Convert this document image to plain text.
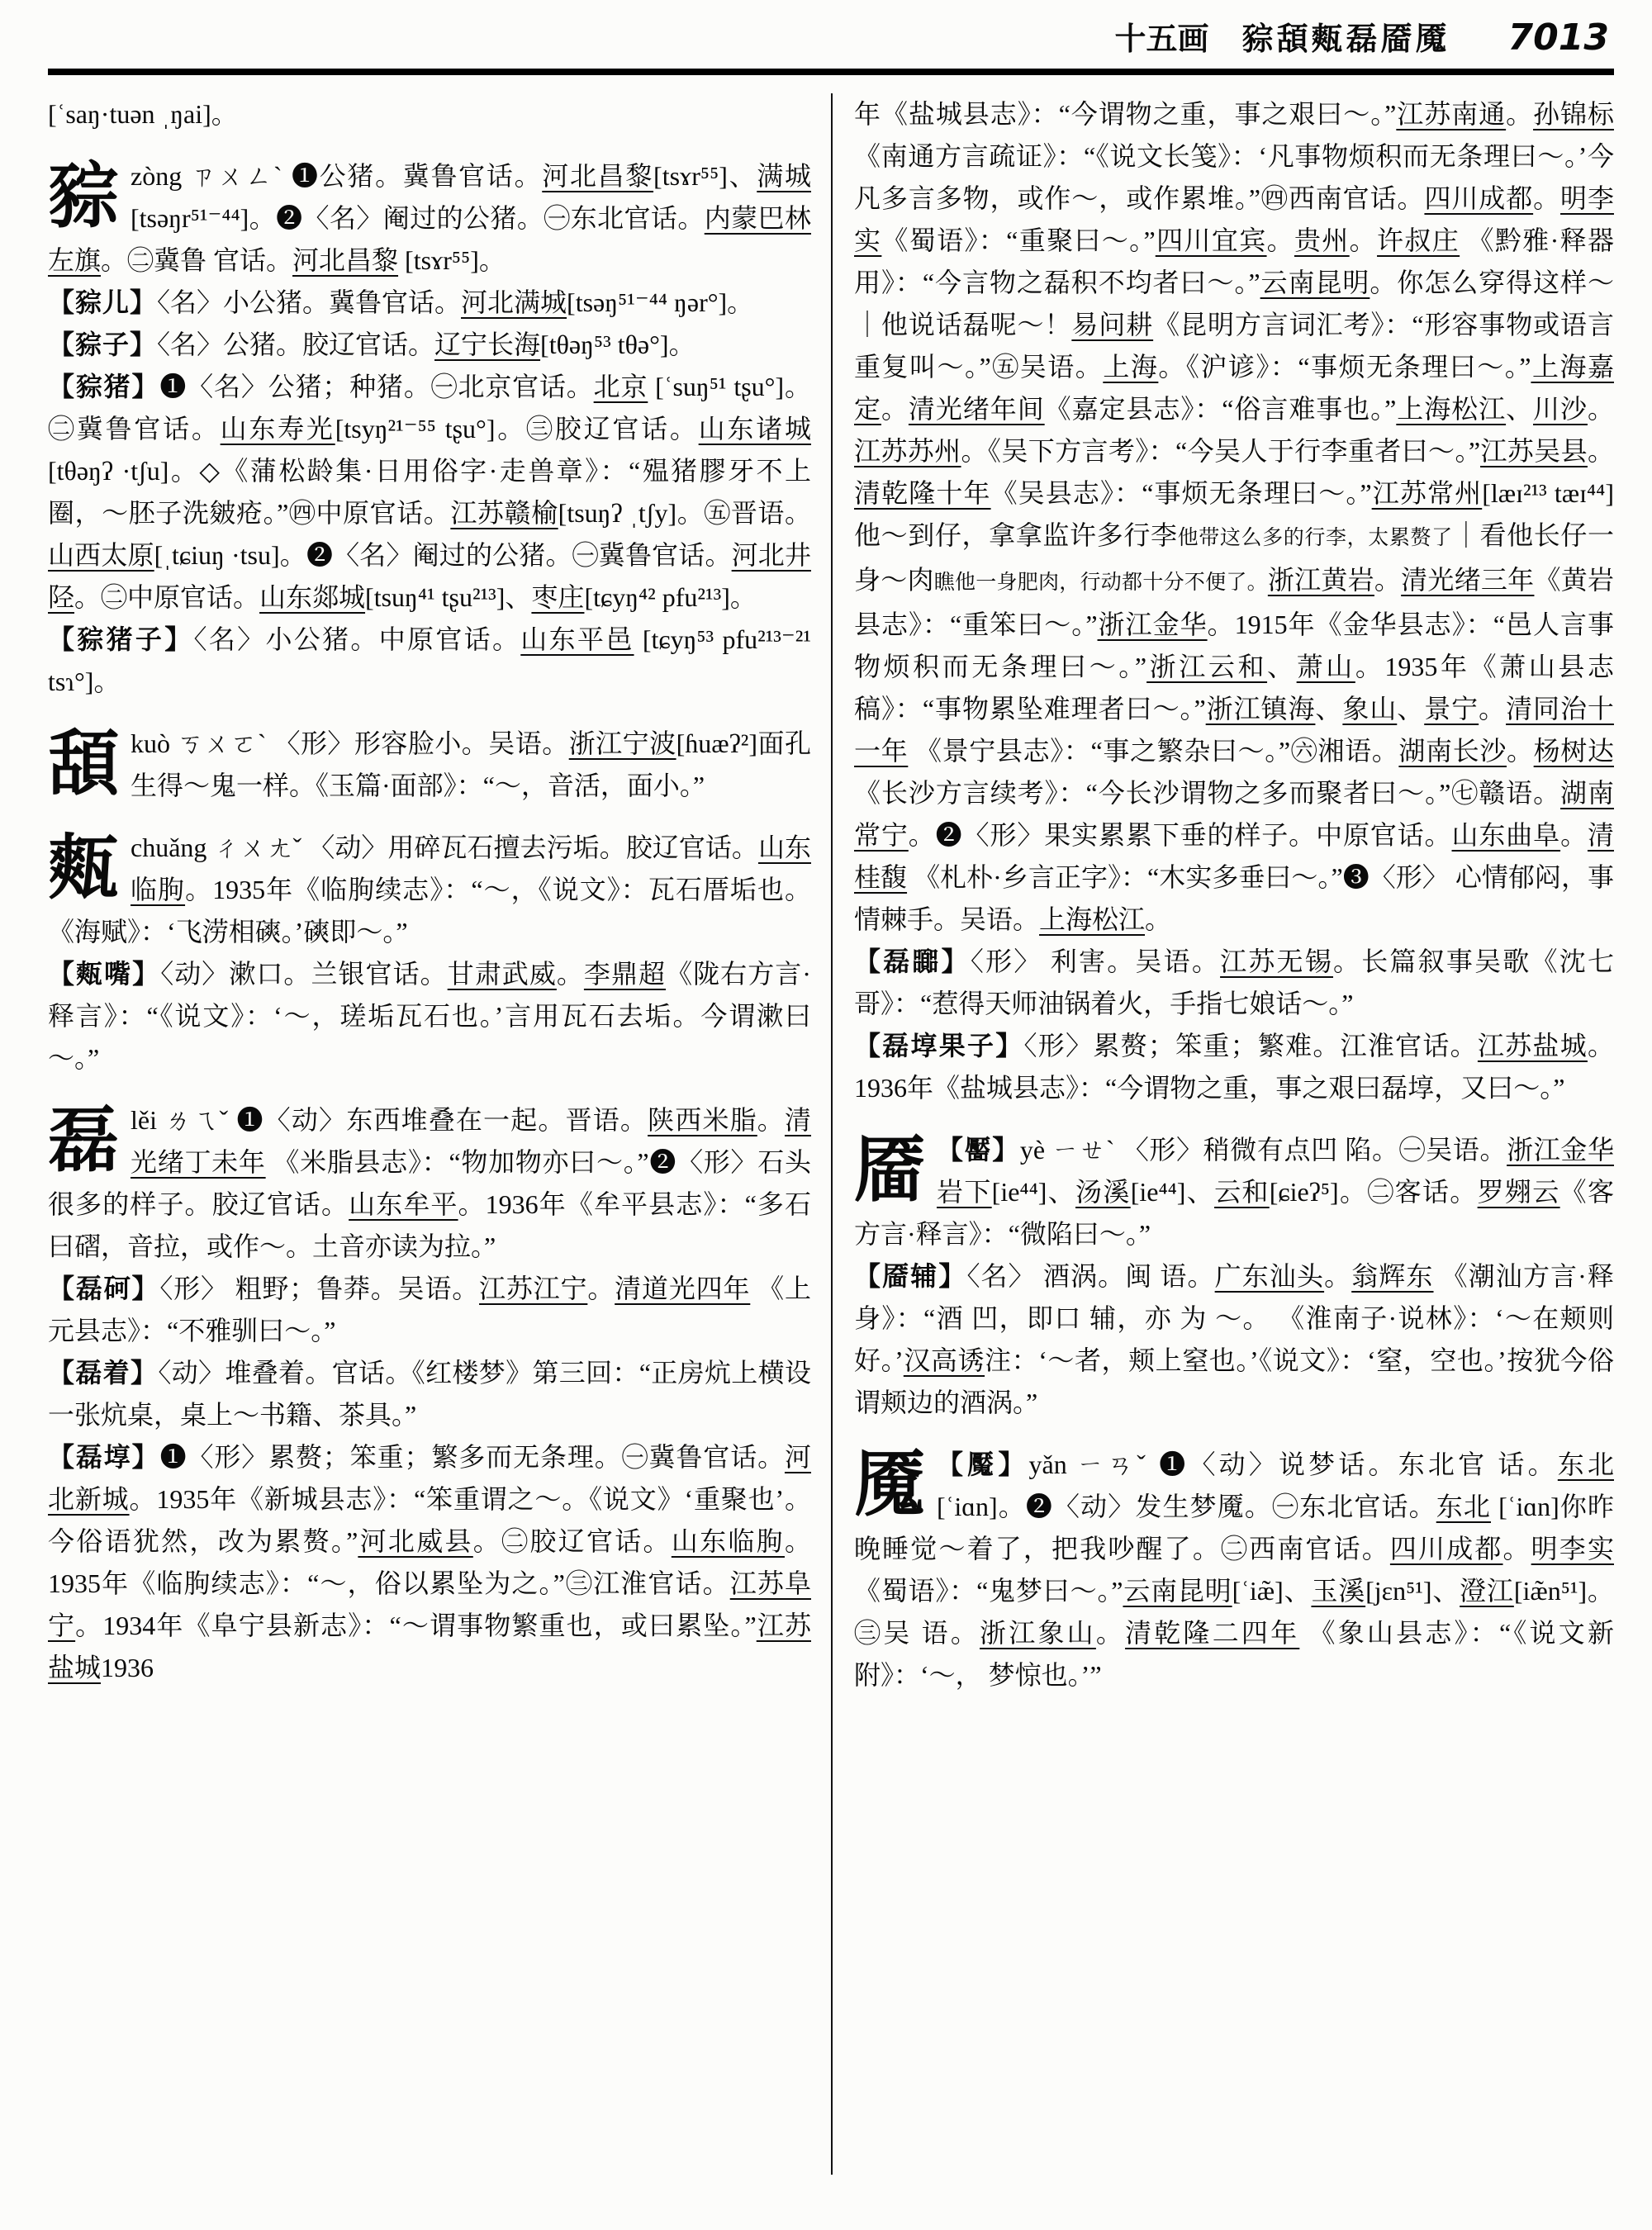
十五画 䝋頢㼽磊靥魇 7013
[ʿsaŋ·tuən ˌŋai]。
䝋zòng ㄗㄨㄥˋ ❶公猪。冀鲁官话。河北昌黎[tsɤr⁵⁵]、满城[tsəŋr⁵¹⁻⁴⁴]。❷〈名〉阉过的公猪。㊀东北官话。内蒙巴林左旗。㊁冀鲁 官话。河北昌黎 [tsɤr⁵⁵]。
【䝋儿】〈名〉小公猪。冀鲁官话。河北满城[tsəŋ⁵¹⁻⁴⁴ ŋər°]。
【䝋子】〈名〉公猪。胶辽官话。辽宁长海[tθəŋ⁵³ tθə°]。
【䝋猪】❶〈名〉公猪；种猪。㊀北京官话。北京 [ʿsuŋ⁵¹ tʂu°]。㊁冀鲁官话。山东寿光[tsyŋ²¹⁻⁵⁵ tʂu°]。㊂胶辽官话。山东诸城[tθəŋʔ ·tʃu]。◇《蒲松龄集·日用俗字·走兽章》：“殟猪膠牙不上圈，～胚子洗皴疮。”㊃中原官话。江苏赣榆[tsuŋʔ ˌtʃy]。㊄晋语。山西太原[ˌtɕiuŋ ·tsu]。❷〈名〉阉过的公猪。㊀冀鲁官话。河北井陉。㊁中原官话。山东郯城[tsuŋ⁴¹ tʂu²¹³]、枣庄[tɕyŋ⁴² pfu²¹³]。
【䝋猪子】〈名〉小公猪。中原官话。山东平邑 [tɕyŋ⁵³ pfu²¹³⁻²¹ tsɿ°]。
頢kuò ㄎㄨㄛˋ 〈形〉形容脸小。吴语。浙江宁波[ɦuæʔ²]面孔生得～鬼一样。《玉篇·面部》：“～，音活，面小。”
㼽chuǎng ㄔㄨㄤˇ 〈动〉用碎瓦石擅去污垢。胶辽官话。山东临朐。1935年《临朐续志》：“～，《说文》：瓦石厝垢也。《海赋》：‘飞涝相磢。’磢即～。”
【㼽嘴】〈动〉漱口。兰银官话。甘肃武威。李鼎超《陇右方言·释言》：“《说文》：‘～，瑳垢瓦石也。’言用瓦石去垢。今谓漱曰～。”
磊lěi ㄌㄟˇ ❶〈动〉东西堆叠在一起。晋语。陕西米脂。清光绪丁未年 《米脂县志》：“物加物亦曰～。”❷〈形〉石头很多的样子。胶辽官话。山东牟平。1936年《牟平县志》：“多石曰磖，音拉，或作～。土音亦读为拉。”
【磊砢】〈形〉 粗野；鲁莽。吴语。江苏江宁。清道光四年 《上元县志》：“不雅驯曰～。”
【磊着】〈动〉堆叠着。官话。《红楼梦》第三回：“正房炕上横设一张炕桌，桌上～书籍、茶具。”
【磊埻】❶〈形〉累赘；笨重；繁多而无条理。㊀冀鲁官话。河北新城。1935年《新城县志》：“笨重谓之～。《说文》‘重聚也’。今俗语犹然，改为累赘。”河北威县。㊁胶辽官话。山东临朐。1935年《临朐续志》：“～，俗以累坠为之。”㊂江淮官话。江苏阜宁。1934年《阜宁县新志》：“～谓事物繁重也，或曰累坠。”江苏盐城1936
年《盐城县志》：“今谓物之重，事之艰曰～。”江苏南通。孙锦标《南通方言疏证》：“《说文长笺》：‘凡事物烦积而无条理曰～。’今凡多言多物，或作～，或作累堆。”㊃西南官话。四川成都。明李实《蜀语》：“重聚曰～。”四川宜宾。贵州。许叔庄 《黔雅·释器用》：“今言物之磊积不均者曰～。”云南昆明。你怎么穿得这样～｜他说话磊呢～！易问耕《昆明方言词汇考》：“形容事物或语言重复叫～。”㊄吴语。上海。《沪谚》：“事烦无条理曰～。”上海嘉定。清光绪年间《嘉定县志》：“俗言难事也。”上海松江、川沙。江苏苏州。《吴下方言考》：“今吴人于行李重者曰～。”江苏吴县。清乾隆十年《吴县志》：“事烦无条理曰～。”江苏常州[læɪ²¹³ tæɪ⁴⁴]他～到仔，拿拿监许多行李他带这么多的行李，太累赘了｜看他长仔一身～肉瞧他一身肥肉，行动都十分不便了。浙江黄岩。清光绪三年《黄岩县志》：“重笨曰～。”浙江金华。1915年《金华县志》：“邑人言事物烦积而无条理曰～。”浙江云和、萧山。1935年《萧山县志稿》：“事物累坠难理者曰～。”浙江镇海、象山、景宁。清同治十一年 《景宁县志》：“事之繁杂曰～。”㊅湘语。湖南长沙。杨树达 《长沙方言续考》：“今长沙谓物之多而聚者曰～。”㊆赣语。湖南常宁。❷〈形〉果实累累下垂的样子。中原官话。山东曲阜。清桂馥 《札朴·乡言正字》：“木实多垂曰～。”❸〈形〉 心情郁闷，事情棘手。吴语。上海松江。
【磊嚻】〈形〉 利害。吴语。江苏无锡。长篇叙事吴歌《沈七哥》：“惹得天师油锅着火，手指七娘话～。”
【磊埻果子】〈形〉累赘；笨重；繁难。江淮官话。江苏盐城。1936年《盐城县志》：“今谓物之重，事之艰曰磊埻，又曰～。”
靥 【靨】yè ㄧㄝˋ 〈形〉稍微有点凹 陷。㊀吴语。浙江金华岩下[ie⁴⁴]、汤溪[ie⁴⁴]、云和[ɕieʔ⁵]。㊁客话。罗翙云《客方言·释言》：“微陷曰～。”
【靥辅】〈名〉 酒涡。闽 语。广东汕头。翁辉东 《潮汕方言·释身》：“酒 凹，即口 辅，亦 为 ～。 《淮南子·说林》：‘～在颊则好。’汉高诱注：‘～者，颊上窒也。’《说文》：‘窒，空也。’按犹今俗谓颊边的酒涡。”
魇 【魘】yǎn ㄧㄢˇ ❶〈动〉说梦话。东北官 话。东北[ʿiɑn]。❷〈动〉发生梦魇。㊀东北官话。东北 [ʿiɑn]你昨晚睡觉～着了，把我吵醒了。㊁西南官话。四川成都。明李实 《蜀语》：“鬼梦曰～。”云南昆明[ʿiæ̃]、玉溪[jɛn⁵¹]、澄江[iæ̃n⁵¹]。㊂吴 语。浙江象山。清乾隆二四年 《象山县志》：“《说文新附》：‘～， 梦惊也。’”
